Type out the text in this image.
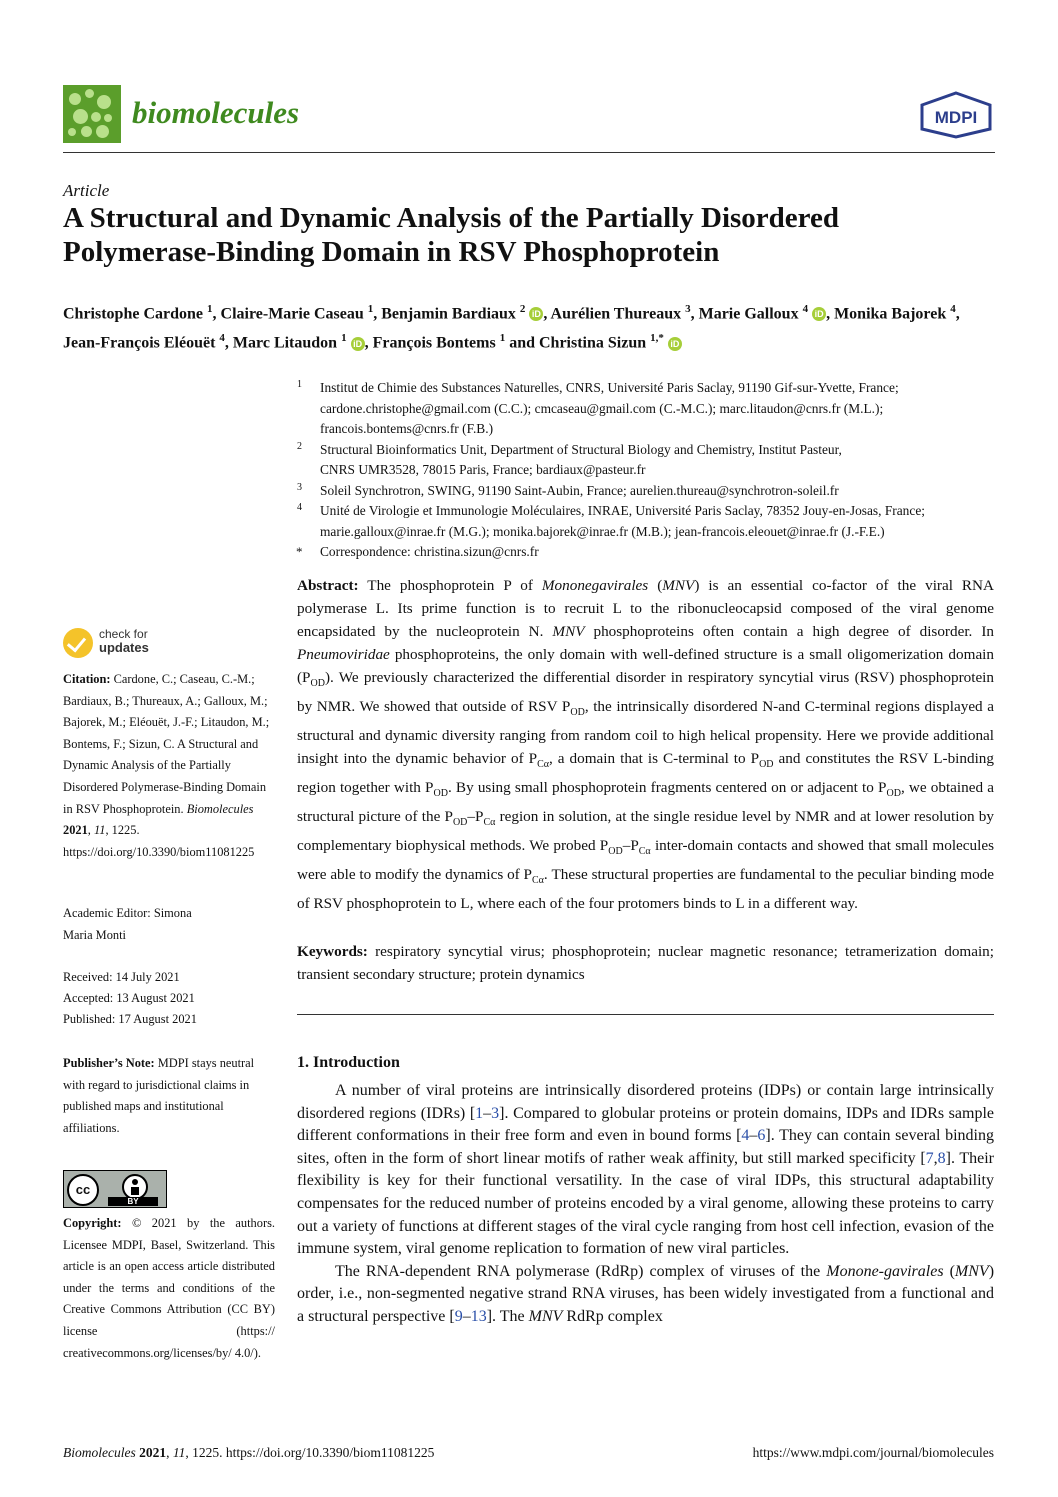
biomolecules	MDPI
Article
A Structural and Dynamic Analysis of the Partially Disordered Polymerase-Binding Domain in RSV Phosphoprotein
Christophe Cardone $^1$, Claire-Marie Caseau $^1$, Benjamin Bardiaux $^2$ iD , Aurélien Thureaux $^3$, Marie Galloux $^4$ iD , Monika Bajorek $^4$, Jean-François Eléouët $^4$, Marc Litaudon $^1$ iD , François Bontems $^1$ and Christina Sizun $^{1,*}$ iD
1 Institut de Chimie des Substances Naturelles, CNRS, Université Paris Saclay, 91190 Gif-sur-Yvette, France;
cardone.christophe@gmail.com (C.C.); cmcaseau@gmail.com (C.-M.C.); marc.litaudon@cnrs.fr (M.L.);
francois.bontems@cnrs.fr (F.B.)
2 Structural Bioinformatics Unit, Department of Structural Biology and Chemistry, Institut Pasteur,
CNRS UMR3528, 78015 Paris, France; bardiaux@pasteur.fr
3 Soleil Synchrotron, SWING, 91190 Saint-Aubin, France; aurelien.thureau@synchrotron-soleil.fr
4 Unité de Virologie et Immunologie Moléculaires, INRAE, Université Paris Saclay, 78352 Jouy-en-Josas, France;
marie.galloux@inrae.fr (M.G.); monika.bajorek@inrae.fr (M.B.); jean-francois.eleouet@inrae.fr (J.-F.E.)
* Correspondence: christina.sizun@cnrs.fr
Abstract: The phosphoprotein P of Mononegavirales (MNV) is an essential co-factor of the viral RNA polymerase L. Its prime function is to recruit L to the ribonucleocapsid composed of the viral genome encapsidated by the nucleoprotein N. MNV phosphoproteins often contain a high degree of disorder. In Pneumoviridae phosphoproteins, the only domain with well-defined structure is a small oligomerization domain $(P_{OD})$. We previously characterized the differential disorder in respiratory syncytial virus (RSV) phosphoprotein by NMR. We showed that outside of RSV $P_{OD}$, the intrinsically disordered N-and C-terminal regions displayed a structural and dynamic diversity ranging from random coil to high helical propensity. Here we provide additional insight into the dynamic behavior of $P_{C\alpha}$, a domain that is C-terminal to $P_{OD}$ and constitutes the RSV L-binding region together with $P_{OD}$. By using small phosphoprotein fragments centered on or adjacent to $P_{OD}$, we obtained a structural picture of the $P_{OD}-P_{C\alpha}$ region in solution, at the single residue level by NMR and at lower resolution by complementary biophysical methods. We probed $P_{OD}-P_{C\alpha}$ inter-domain contacts and showed that small molecules were able to modify the dynamics of $P_{C\alpha}$. These structural properties are fundamental to the peculiar binding mode of RSV phosphoprotein to L, where each of the four protomers binds to L in a different way.
Keywords: respiratory syncytial virus; phosphoprotein; nuclear magnetic resonance; tetramerization domain; transient secondary structure; protein dynamics
1. Introduction

A number of viral proteins are intrinsically disordered proteins (IDPs) or contain large intrinsically disordered regions (IDRs) [1–3]. Compared to globular proteins or protein domains, IDPs and IDRs sample different conformations in their free form and even in bound forms [4–6]. They can contain several binding sites, often in the form of short linear motifs of rather weak affinity, but still marked specificity [7,8]. Their flexibility is key for their functional versatility. In the case of viral IDPs, this structural adaptability compensates for the reduced number of proteins encoded by a viral genome, allowing these proteins to carry out a variety of functions at different stages of the viral cycle ranging from host cell infection, evasion of the immune system, viral genome replication to formation of new viral particles.

The RNA-dependent RNA polymerase (RdRp) complex of viruses of the Monone-gavirales (MNV) order, i.e., non-segmented negative strand RNA viruses, has been widely investigated from a functional and a structural perspective [9–13]. The MNV RdRp complex

check for
updates
Citation: Cardone, C.; Caseau, C.-M.; Bardiaux, B.; Thureaux, A.; Galloux, M.; Bajorek, M.; Eléouët, J.-F.; Litaudon, M.; Bontems, F.; Sizun, C. A Structural and Dynamic Analysis of the Partially Disordered Polymerase-Binding Domain in RSV Phosphoprotein. Biomolecules 2021, 11, 1225. https://doi.org/10.3390/biom11081225
Academic Editor: Simona Maria Monti
Received: 14 July 2021
Accepted: 13 August 2021
Published: 17 August 2021
Publisher’s Note: MDPI stays neutral with regard to jurisdictional claims in published maps and institutional affiliations.
cc
BY
Copyright: © 2021 by the authors. Licensee MDPI, Basel, Switzerland. This article is an open access article distributed under the terms and conditions of the Creative Commons Attribution (CC BY) license (https:// creativecommons.org/licenses/by/ 4.0/).
Biomolecules 2021, 11, 1225. https://doi.org/10.3390/biom11081225	https://www.mdpi.com/journal/biomolecules
